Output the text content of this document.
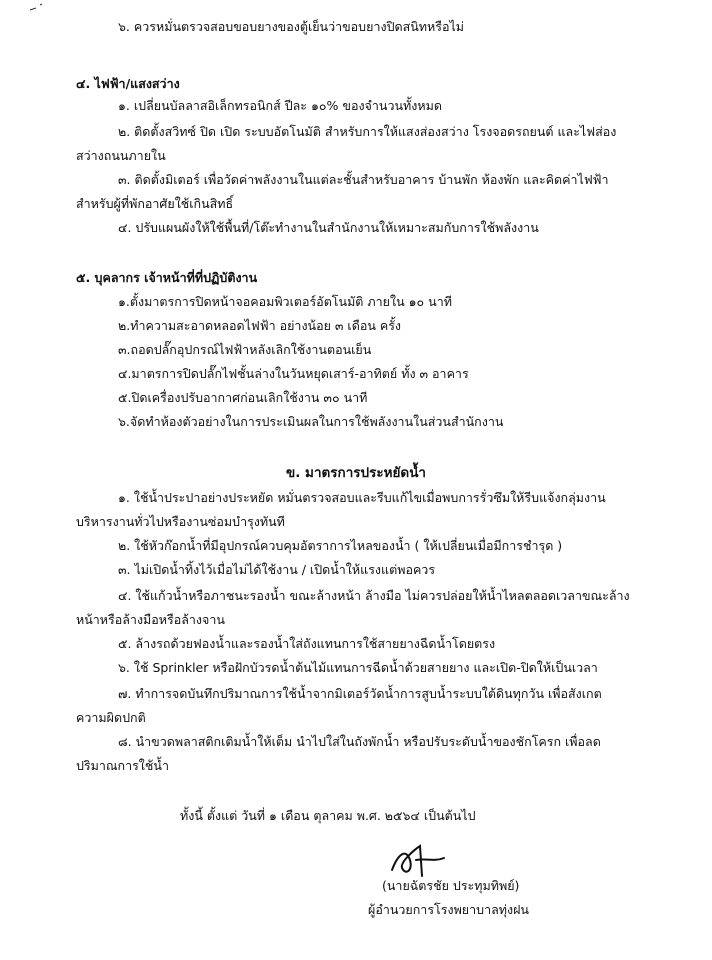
๖. ควรหมั่นตรวจสอบขอบยางของตู้เย็นว่าขอบยางปิดสนิทหรือไม่
๔. ไฟฟ้า/แสงสว่าง
๑. เปลี่ยนบัลลาสอิเล็กทรอนิกส์ ปีละ ๑๐% ของจำนวนทั้งหมด
๒. ติดตั้งสวิทซ์ ปิด เปิด ระบบอัตโนมัติ สำหรับการให้แสงส่องสว่าง โรงจอดรถยนต์ และไฟส่อง
สว่างถนนภายใน
๓. ติดตั้งมิเตอร์ เพื่อวัดค่าพลังงานในแต่ละชั้นสำหรับอาคาร บ้านพัก ห้องพัก และคิดค่าไฟฟ้า
สำหรับผู้ที่พักอาศัยใช้เกินสิทธิ์
๔. ปรับแผนผังให้ใช้พื้นที่/โต๊ะทำงานในสำนักงานให้เหมาะสมกับการใช้พลังงาน
๕. บุคลากร เจ้าหน้าที่ที่ปฏิบัติงาน
๑.ตั้งมาตรการปิดหน้าจอคอมพิวเตอร์อัตโนมัติ ภายใน ๑๐ นาที
๒.ทำความสะอาดหลอดไฟฟ้า อย่างน้อย ๓ เดือน ครั้ง
๓.ถอดปลั๊กอุปกรณ์ไฟฟ้าหลังเลิกใช้งานตอนเย็น
๔.มาตรการปิดปลั๊กไฟชั้นล่างในวันหยุดเสาร์-อาทิตย์ ทั้ง ๓ อาคาร
๕.ปิดเครื่องปรับอากาศก่อนเลิกใช้งาน ๓๐ นาที
๖.จัดทำห้องตัวอย่างในการประเมินผลในการใช้พลังงานในส่วนสำนักงาน
ข. มาตรการประหยัดน้ำ
๑. ใช้น้ำประปาอย่างประหยัด หมั่นตรวจสอบและรีบแก้ไขเมื่อพบการรั่วซึมให้รีบแจ้งกลุ่มงาน
บริหารงานทั่วไปหรืองานซ่อมบำรุงทันที
๒. ใช้หัวก๊อกน้ำที่มีอุปกรณ์ควบคุมอัตราการไหลของน้ำ ( ให้เปลี่ยนเมื่อมีการชำรุด )
๓. ไม่เปิดน้ำทิ้งไว้เมื่อไม่ได้ใช้งาน / เปิดน้ำให้แรงแต่พอควร
๔. ใช้แก้วน้ำหรือภาชนะรองน้ำ ขณะล้างหน้า ล้างมือ ไม่ควรปล่อยให้น้ำไหลตลอดเวลาขณะล้าง
หน้าหรือล้างมือหรือล้างจาน
๕. ล้างรถด้วยฟองน้ำและรองน้ำใส่ถังแทนการใช้สายยางฉีดน้ำโดยตรง
๖. ใช้ Sprinkler หรือฝักบัวรดน้ำต้นไม้แทนการฉีดน้ำด้วยสายยาง และเปิด-ปิดให้เป็นเวลา
๗. ทำการจดบันทึกปริมาณการใช้น้ำจากมิเตอร์วัดน้ำการสูบน้ำระบบใต้ดินทุกวัน เพื่อสังเกต
ความผิดปกติ
๘. นำขวดพลาสติกเติมน้ำให้เต็ม นำไปใส่ในถังพักน้ำ หรือปรับระดับน้ำของชักโครก เพื่อลด
ปริมาณการใช้น้ำ
ทั้งนี้ ตั้งแต่ วันที่ ๑ เดือน ตุลาคม พ.ศ. ๒๕๖๔ เป็นต้นไป
(นายฉัตรชัย ประทุมทิพย์)
ผู้อำนวยการโรงพยาบาลทุ่งฝน
